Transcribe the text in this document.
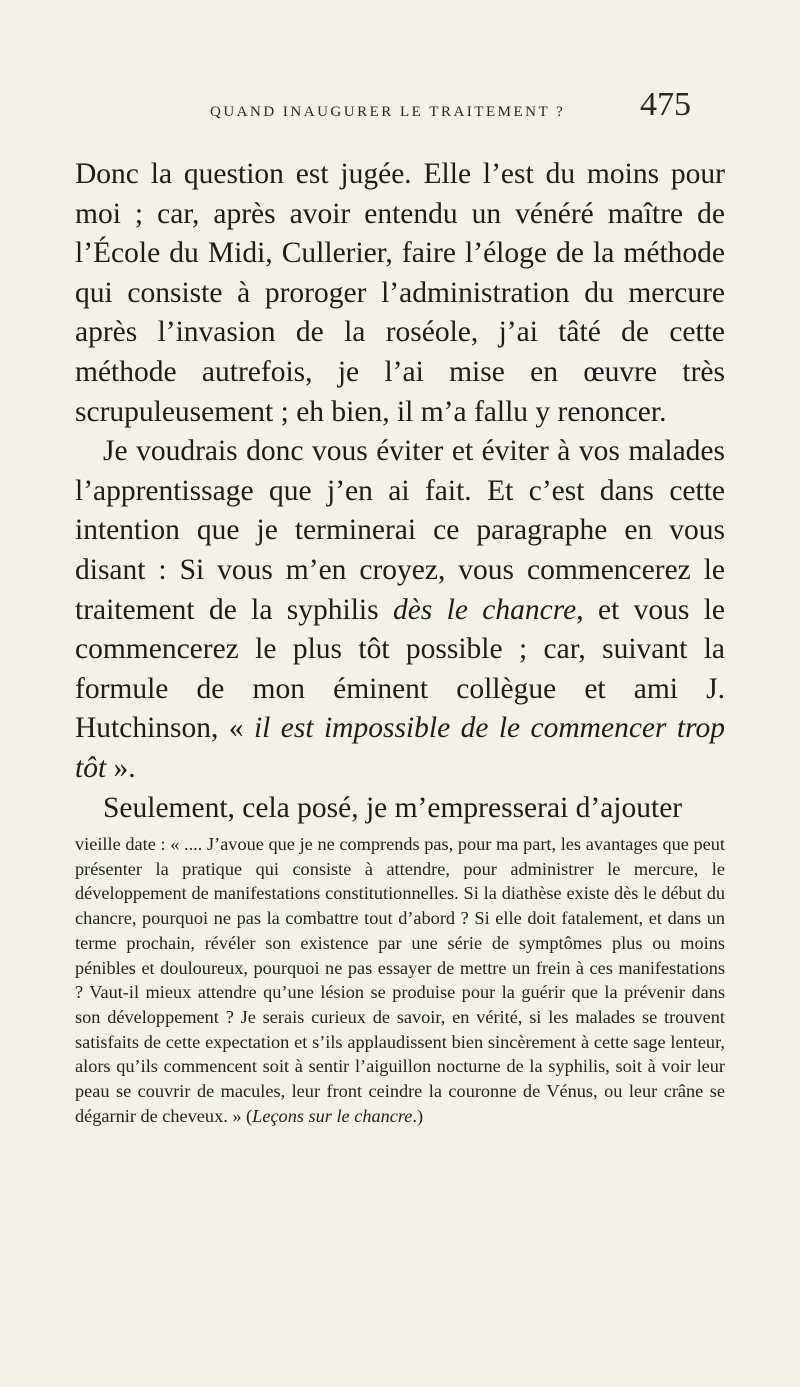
QUAND INAUGURER LE TRAITEMENT ? 475

Donc la question est jugée. Elle l’est du moins pour moi ; car, après avoir entendu un vénéré maître de l’École du Midi, Cullerier, faire l’éloge de la méthode qui consiste à proroger l’administration du mercure après l’invasion de la roséole, j’ai tâté de cette méthode autrefois, je l’ai mise en œuvre très scrupuleusement ; eh bien, il m’a fallu y renoncer.

Je voudrais donc vous éviter et éviter à vos malades l’apprentissage que j’en ai fait. Et c’est dans cette intention que je terminerai ce paragraphe en vous disant : Si vous m’en croyez, vous commencerez le traitement de la syphilis dès le chancre, et vous le commencerez le plus tôt possible ; car, suivant la formule de mon éminent collègue et ami J. Hutchinson, « il est impossible de le commencer trop tôt ».

Seulement, cela posé, je m’empresserai d’ajouter

vieille date : « .... J’avoue que je ne comprends pas, pour ma part, les avantages que peut présenter la pratique qui consiste à attendre, pour administrer le mercure, le développement de manifestations constitutionnelles. Si la diathèse existe dès le début du chancre, pourquoi ne pas la combattre tout d’abord ? Si elle doit fatalement, et dans un terme prochain, révéler son existence par une série de symptômes plus ou moins pénibles et douloureux, pourquoi ne pas essayer de mettre un frein à ces manifestations ? Vaut-il mieux attendre qu’une lésion se produise pour la guérir que la prévenir dans son développement ? Je serais curieux de savoir, en vérité, si les malades se trouvent satisfaits de cette expectation et s’ils applaudissent bien sincèrement à cette sage lenteur, alors qu’ils commencent soit à sentir l’aiguillon nocturne de la syphilis, soit à voir leur peau se couvrir de macules, leur front ceindre la couronne de Vénus, ou leur crâne se dégarnir de cheveux. » (Leçons sur le chancre.)
